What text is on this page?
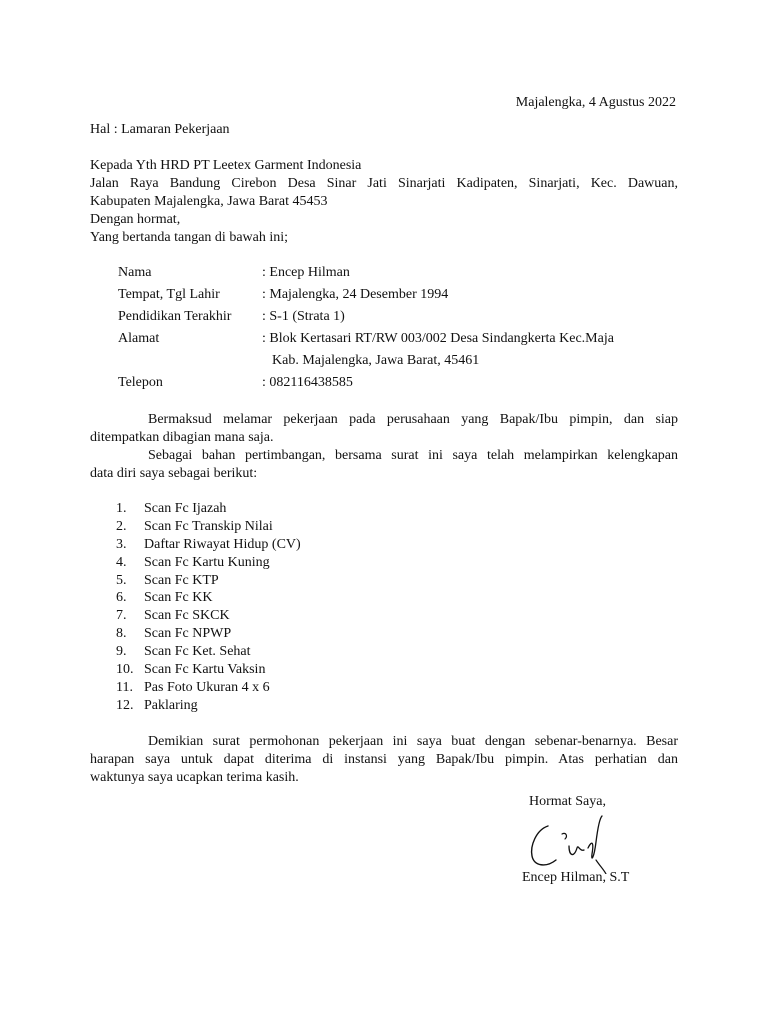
Majalengka, 4 Agustus 2022
Hal : Lamaran Pekerjaan
Kepada Yth HRD PT Leetex Garment Indonesia
Jalan Raya Bandung Cirebon Desa Sinar Jati Sinarjati Kadipaten, Sinarjati, Kec. Dawuan,
Kabupaten Majalengka, Jawa Barat 45453
Dengan hormat,
Yang bertanda tangan di bawah ini;
Nama	: Encep Hilman
Tempat, Tgl Lahir	: Majalengka, 24 Desember 1994
Pendidikan Terakhir : S-1 (Strata 1)
Alamat	: Blok Kertasari RT/RW 003/002 Desa Sindangkerta Kec.Maja
Kab. Majalengka, Jawa Barat, 45461
Telepon	: 082116438585
Bermaksud melamar pekerjaan pada perusahaan yang Bapak/Ibu pimpin, dan siap
ditempatkan dibagian mana saja.
Sebagai bahan pertimbangan, bersama surat ini saya telah melampirkan kelengkapan
data diri saya sebagai berikut:
1. Scan Fc Ijazah
2. Scan Fc Transkip Nilai
3. Daftar Riwayat Hidup (CV)
4. Scan Fc Kartu Kuning
5. Scan Fc KTP
6. Scan Fc KK
7. Scan Fc SKCK
8. Scan Fc NPWP
9. Scan Fc Ket. Sehat
10. Scan Fc Kartu Vaksin
11. Pas Foto Ukuran 4 x 6
12. Paklaring
Demikian surat permohonan pekerjaan ini saya buat dengan sebenar-benarnya. Besar
harapan saya untuk dapat diterima di instansi yang Bapak/Ibu pimpin. Atas perhatian dan
waktunya saya ucapkan terima kasih.
Hormat Saya,
Encep Hilman, S.T
